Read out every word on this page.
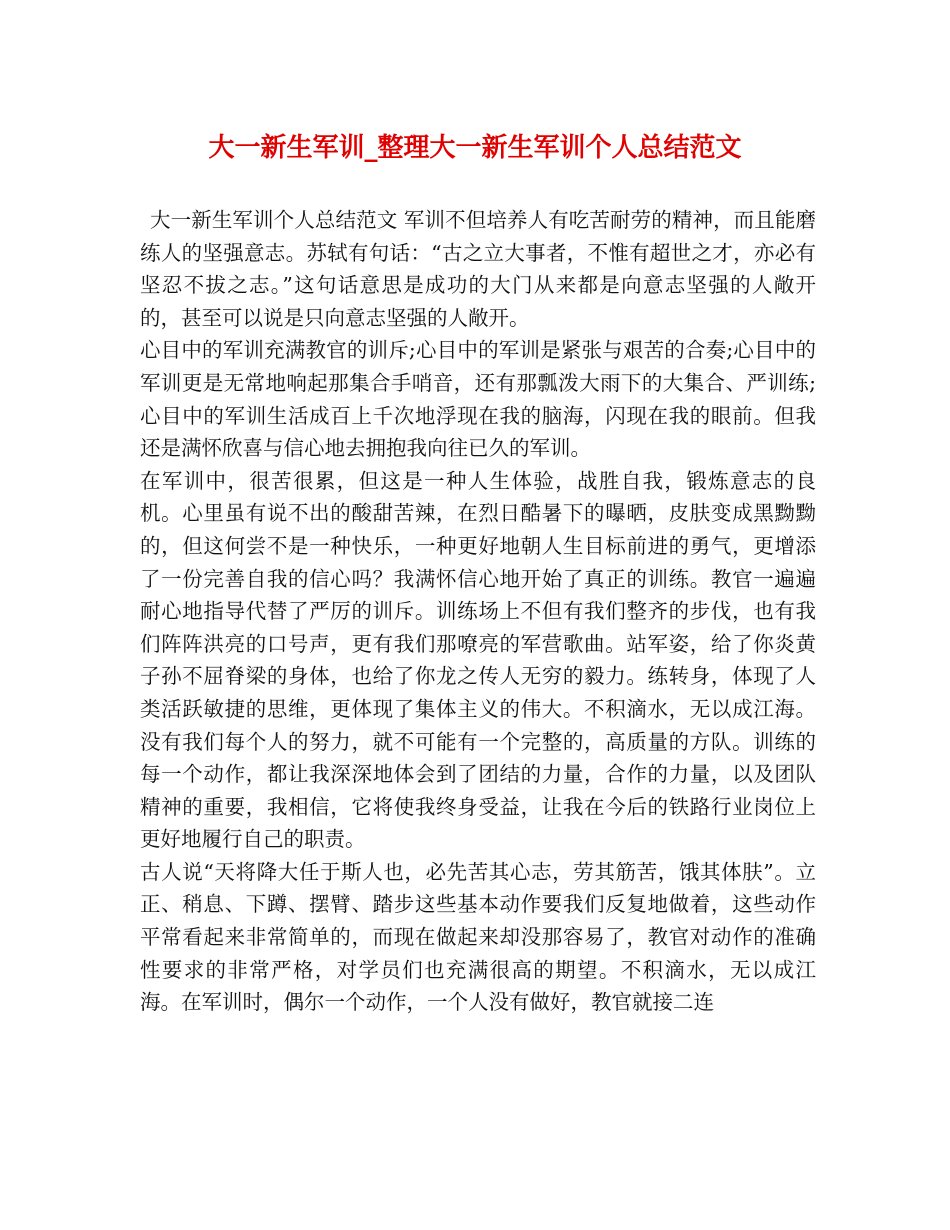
大一新生军训_整理大一新生军训个人总结范文

大一新生军训个人总结范文 军训不但培养人有吃苦耐劳的精神，而且能磨练人的坚强意志。苏轼有句话：“古之立大事者，不惟有超世之才，亦必有坚忍不拔之志。”这句话意思是成功的大门从来都是向意志坚强的人敞开的，甚至可以说是只向意志坚强的人敞开。

心目中的军训充满教官的训斥;心目中的军训是紧张与艰苦的合奏;心目中的军训更是无常地响起那集合手哨音，还有那瓢泼大雨下的大集合、严训练;心目中的军训生活成百上千次地浮现在我的脑海，闪现在我的眼前。但我还是满怀欣喜与信心地去拥抱我向往已久的军训。

在军训中，很苦很累，但这是一种人生体验，战胜自我，锻炼意志的良机。心里虽有说不出的酸甜苦辣，在烈日酷暑下的曝晒，皮肤变成黑黝黝的，但这何尝不是一种快乐，一种更好地朝人生目标前进的勇气，更增添了一份完善自我的信心吗？我满怀信心地开始了真正的训练。教官一遍遍耐心地指导代替了严厉的训斥。训练场上不但有我们整齐的步伐，也有我们阵阵洪亮的口号声，更有我们那嘹亮的军营歌曲。站军姿，给了你炎黄子孙不屈脊梁的身体，也给了你龙之传人无穷的毅力。练转身，体现了人类活跃敏捷的思维，更体现了集体主义的伟大。不积滴水，无以成江海。没有我们每个人的努力，就不可能有一个完整的，高质量的方队。训练的每一个动作，都让我深深地体会到了团结的力量，合作的力量，以及团队精神的重要，我相信，它将使我终身受益，让我在今后的铁路行业岗位上更好地履行自己的职责。

古人说“天将降大任于斯人也，必先苦其心志，劳其筋苦，饿其体肤”。立正、稍息、下蹲、摆臂、踏步这些基本动作要我们反复地做着，这些动作平常看起来非常简单的，而现在做起来却没那容易了，教官对动作的准确性要求的非常严格，对学员们也充满很高的期望。不积滴水，无以成江海。在军训时，偶尔一个动作，一个人没有做好，教官就接二连
